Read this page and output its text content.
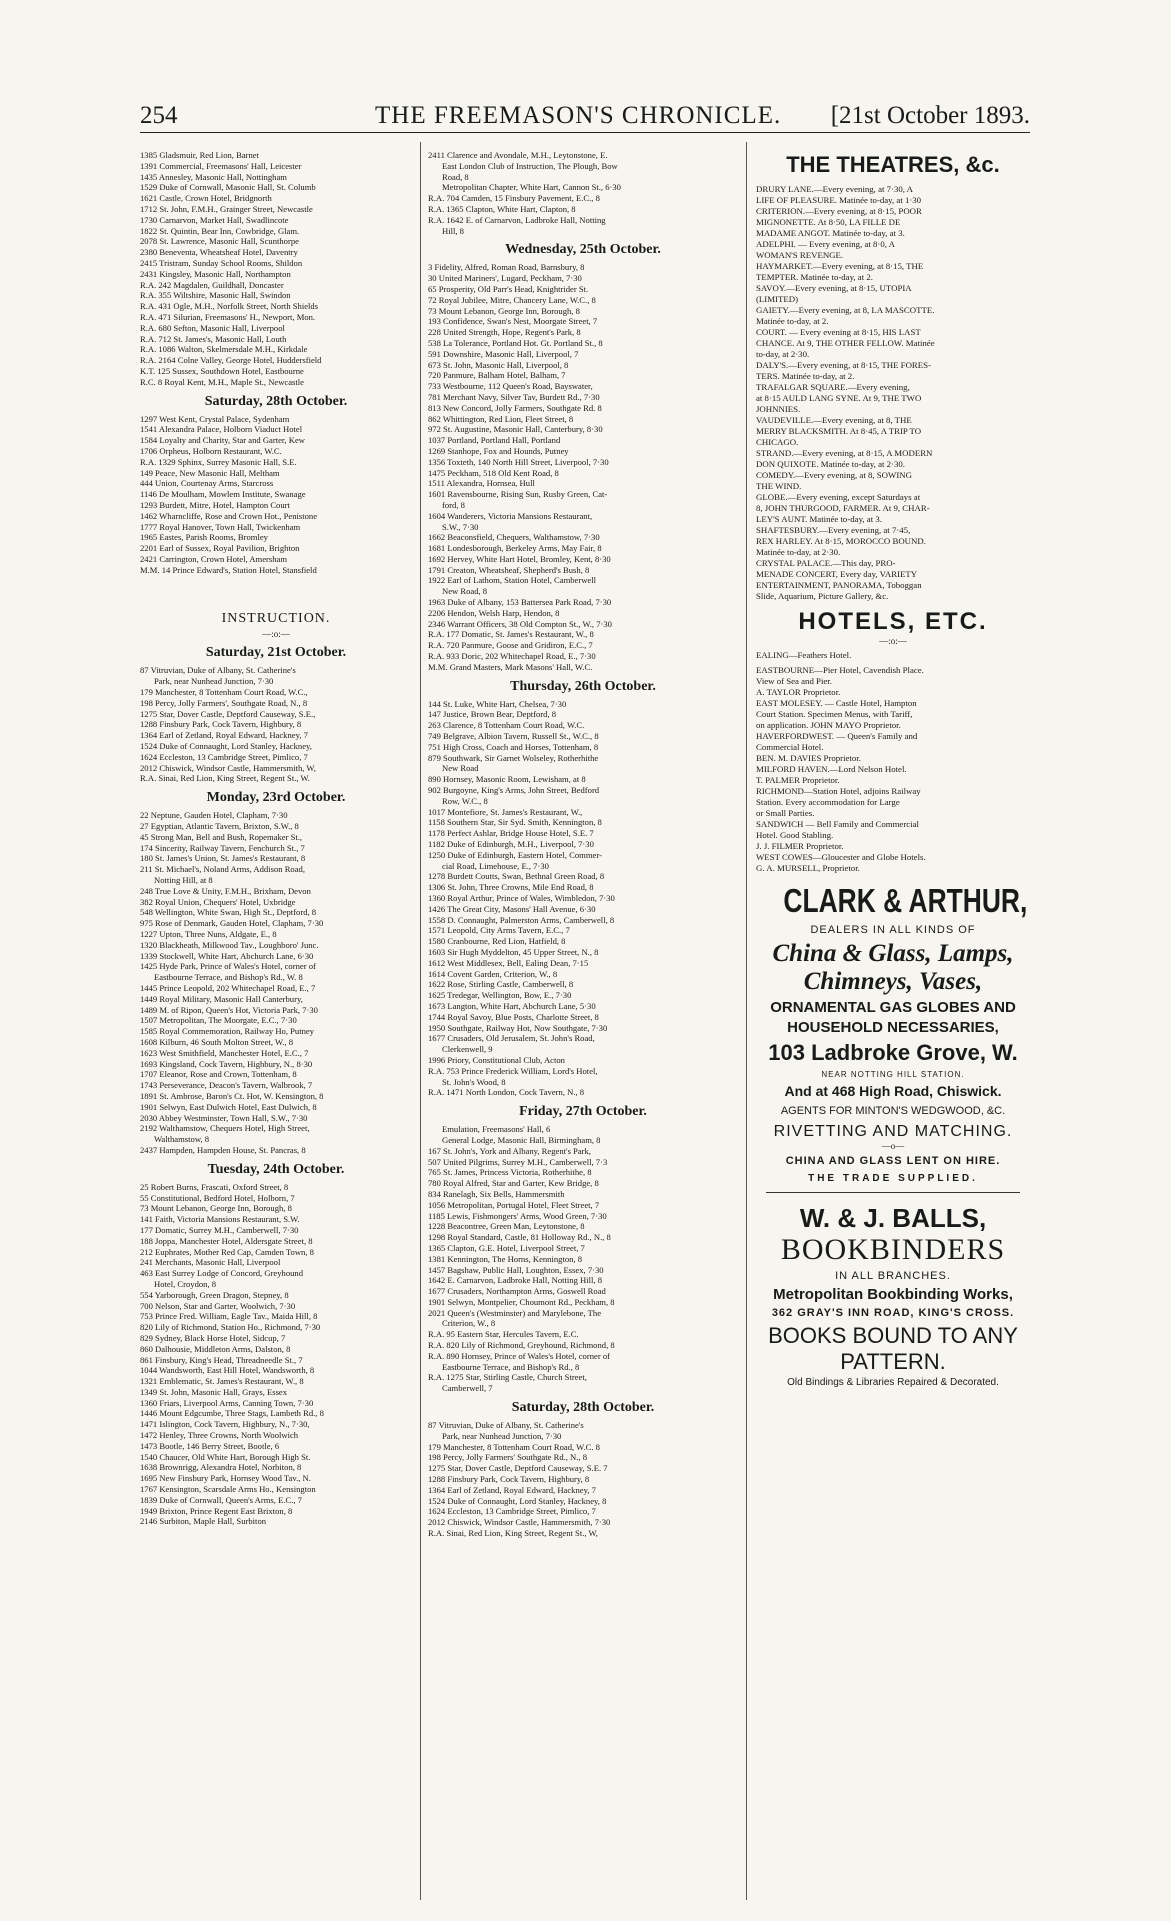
254	THE FREEMASON'S CHRONICLE. [21st October 1893.
1385 Gladsmuir, Red Lion, Barnet
1391 Commercial, Freemasons' Hall, Leicester
1435 Annesley, Masonic Hall, Nottingham
1529 Duke of Cornwall, Masonic Hall, St. Columb
1621 Castle, Crown Hotel, Bridgnorth
1712 St. John, F.M.H., Grainger Street, Newcastle
1730 Carnarvon, Market Hall, Swadlincote
1822 St. Quintin, Bear Inn, Cowbridge, Glam.
2078 St. Lawrence, Masonic Hall, Scunthorpe
2380 Beneventa, Wheatsheaf Hotel, Daventry
2415 Tristram, Sunday School Rooms, Shildon
2431 Kingsley, Masonic Hall, Northampton
R.A. 242 Magdalen, Guildhall, Doncaster
R.A. 355 Wiltshire, Masonic Hall, Swindon
R.A. 431 Ogle, M.H., Norfolk Street, North Shields
R.A. 471 Silurian, Freemasons' H., Newport, Mon.
R.A. 680 Sefton, Masonic Hall, Liverpool
R.A. 712 St. James's, Masonic Hall, Louth
R.A. 1086 Walton, Skelmersdale M.H., Kirkdale
R.A. 2164 Colne Valley, George Hotel, Huddersfield
K.T. 125 Sussex, Southdown Hotel, Eastbourne
R.C. 8 Royal Kent, M.H., Maple St., Newcastle
Saturday, 28th October.
1297 West Kent, Crystal Palace, Sydenham
1541 Alexandra Palace, Holborn Viaduct Hotel
1584 Loyalty and Charity, Star and Garter, Kew
1706 Orpheus, Holborn Restaurant, W.C.
R.A. 1329 Sphinx, Surrey Masonic Hall, S.E.
149 Peace, New Masonic Hall, Meltham
444 Union, Courtenay Arms, Starcross
1146 De Moulham, Mowlem Institute, Swanage
1293 Burdett, Mitre, Hotel, Hampton Court
1462 Wharncliffe, Rose and Crown Hot., Penistone
1777 Royal Hanover, Town Hall, Twickenham
1965 Eastes, Parish Rooms, Bromley
2201 Earl of Sussex, Royal Pavilion, Brighton
2421 Carrington, Crown Hotel, Amersham
M.M. 14 Prince Edward's, Station Hotel, Stansfield
INSTRUCTION.
—:o:—
Saturday, 21st October.
87 Vitruvian, Duke of Albany, St. Catherine's
Park, near Nunhead Junction, 7·30
179 Manchester, 8 Tottenham Court Road, W.C.,
198 Percy, Jolly Farmers', Southgate Road, N., 8
1275 Star, Dover Castle, Deptford Causeway, S.E.,
1288 Finsbury Park, Cock Tavern, Highbury, 8
1364 Earl of Zetland, Royal Edward, Hackney, 7
1524 Duke of Connaught, Lord Stanley, Hackney,
1624 Eccleston, 13 Cambridge Street, Pimlico, 7
2012 Chiswick, Windsor Castle, Hammersmith, W,
R.A. Sinai, Red Lion, King Street, Regent St., W.
Monday, 23rd October.
22 Neptune, Gauden Hotel, Clapham, 7·30
27 Egyptian, Atlantic Tavern, Brixton, S.W., 8
45 Strong Man, Bell and Bush, Ropemaker St.,
174 Sincerity, Railway Tavern, Fenchurch St., 7
180 St. James's Union, St. James's Restaurant, 8
211 St. Michael's, Noland Arms, Addison Road,
Notting Hill, at 8
248 True Love & Unity, F.M.H., Brixham, Devon
382 Royal Union, Chequers' Hotel, Uxbridge
548 Wellington, White Swan, High St., Deptford, 8
975 Rose of Denmark, Gauden Hotel, Clapham, 7·30
1227 Upton, Three Nuns, Aldgate, E., 8
1320 Blackheath, Milkwood Tav., Loughboro' Junc.
1339 Stockwell, White Hart, Abchurch Lane, 6·30
1425 Hyde Park, Prince of Wales's Hotel, corner of
Eastbourne Terrace, and Bishop's Rd., W. 8
1445 Prince Leopold, 202 Whitechapel Road, E., 7
1449 Royal Military, Masonic Hall Canterbury,
1489 M. of Ripon, Queen's Hot, Victoria Park, 7·30
1507 Metropolitan, The Moorgate, E.C., 7·30
1585 Royal Commemoration, Railway Ho, Putney
1608 Kilburn, 46 South Molton Street, W., 8
1623 West Smithfield, Manchester Hotel, E.C., 7
1693 Kingsland, Cock Tavern, Highbury, N., 8·30
1707 Eleanor, Rose and Crown, Tottenham, 8
1743 Perseverance, Deacon's Tavern, Walbrook, 7
1891 St. Ambrose, Baron's Ct. Hot, W. Kensington, 8
1901 Selwyn, East Dulwich Hotel, East Dulwich, 8
2030 Abbey Westminster, Town Hall, S.W., 7·30
2192 Walthamstow, Chequers Hotel, High Street,
Walthamstow, 8
2437 Hampden, Hampden House, St. Pancras, 8
Tuesday, 24th October.
25 Robert Burns, Frascati, Oxford Street, 8
55 Constitutional, Bedford Hotel, Holborn, 7
73 Mount Lebanon, George Inn, Borough, 8
141 Faith, Victoria Mansions Restaurant, S.W.
177 Domatic, Surrey M.H., Camberwell, 7·30
188 Joppa, Manchester Hotel, Aldersgate Street, 8
212 Euphrates, Mother Red Cap, Camden Town, 8
241 Merchants, Masonic Hall, Liverpool
463 East Surrey Lodge of Concord, Greyhound
Hotel, Croydon, 8
554 Yarborough, Green Dragon, Stepney, 8
700 Nelson, Star and Garter, Woolwich, 7·30
753 Prince Fred. William, Eagle Tav., Maida Hill, 8
820 Lily of Richmond, Station Ho., Richmond, 7·30
829 Sydney, Black Horse Hotel, Sidcup, 7
860 Dalhousie, Middleton Arms, Dalston, 8
861 Finsbury, King's Head, Threadneedle St., 7
1044 Wandsworth, East Hill Hotel, Wandsworth, 8
1321 Emblematic, St. James's Restaurant, W., 8
1349 St. John, Masonic Hall, Grays, Essex
1360 Friars, Liverpool Arms, Canning Town, 7·30
1446 Mount Edgcumbe, Three Stags, Lambeth Rd., 8
1471 Islington, Cock Tavern, Highbury, N., 7·30,
1472 Henley, Three Crowns, North Woolwich
1473 Bootle, 146 Berry Street, Bootle, 6
1540 Chaucer, Old White Hart, Borough High St.
1638 Brownrigg, Alexandra Hotel, Norbiton, 8
1695 New Finsbury Park, Hornsey Wood Tav., N.
1767 Kensington, Scarsdale Arms Ho., Kensington
1839 Duke of Cornwall, Queen's Arms, E.C., 7
1949 Brixton, Prince Regent East Brixton, 8
2146 Surbiton, Maple Hall, Surbiton
2411 Clarence and Avondale, M.H., Leytonstone, E.
East London Club of Instruction, The Plough, Bow
Road, 8
Metropolitan Chapter, White Hart, Cannon St., 6·30
R.A. 704 Camden, 15 Finsbury Pavement, E.C., 8
R.A. 1365 Clapton, White Hart, Clapton, 8
R.A. 1642 E. of Carnarvon, Ladbroke Hall, Notting
Hill, 8
Wednesday, 25th October.
3 Fidelity, Alfred, Roman Road, Barnsbury, 8
30 United Mariners', Lugard, Peckham, 7·30
65 Prosperity, Old Parr's Head, Knightrider St.
72 Royal Jubilee, Mitre, Chancery Lane, W.C., 8
73 Mount Lebanon, George Inn, Borough, 8
193 Confidence, Swan's Nest, Moorgate Street, 7
228 United Strength, Hope, Regent's Park, 8
538 La Tolerance, Portland Hot. Gt. Portland St., 8
591 Downshire, Masonic Hall, Liverpool, 7
673 St. John, Masonic Hall, Liverpool, 8
720 Panmure, Balham Hotel, Balham, 7
733 Westbourne, 112 Queen's Road, Bayswater,
781 Merchant Navy, Silver Tav, Burdett Rd., 7·30
813 New Concord, Jolly Farmers, Southgate Rd. 8
862 Whittington, Red Lion, Fleet Street, 8
972 St. Augustine, Masonic Hall, Canterbury, 8·30
1037 Portland, Portland Hall, Portland
1269 Stanhope, Fox and Hounds, Putney
1356 Toxteth, 140 North Hill Street, Liverpool, 7·30
1475 Peckham, 518 Old Kent Road, 8
1511 Alexandra, Hornsea, Hull
1601 Ravensbourne, Rising Sun, Rusby Green, Cat-
ford, 8
1604 Wanderers, Victoria Mansions Restaurant,
S.W., 7·30
1662 Beaconsfield, Chequers, Walthamstow, 7·30
1681 Londesborough, Berkeley Arms, May Fair, 8
1692 Hervey, White Hart Hotel, Bromley, Kent, 8·30
1791 Creaton, Wheatsheaf, Shepherd's Bush, 8
1922 Earl of Lathom, Station Hotel, Camberwell
New Road, 8
1963 Duke of Albany, 153 Battersea Park Road, 7·30
2206 Hendon, Welsh Harp, Hendon, 8
2346 Warrant Officers, 38 Old Compton St., W., 7·30
R.A. 177 Domatic, St. James's Restaurant, W., 8
R.A. 720 Panmure, Goose and Gridiron, E.C., 7
R.A. 933 Doric, 202 Whitechapel Road, E., 7·30
M.M. Grand Masters, Mark Masons' Hall, W.C.
Thursday, 26th October.
144 St. Luke, White Hart, Chelsea, 7·30
147 Justice, Brown Bear, Deptford, 8
263 Clarence, 8 Tottenham Court Road, W.C.
749 Belgrave, Albion Tavern, Russell St., W.C., 8
751 High Cross, Coach and Horses, Tottenham, 8
879 Southwark, Sir Garnet Wolseley, Rotherhithe
New Road
890 Hornsey, Masonic Room, Lewisham, at 8
902 Burgoyne, King's Arms, John Street, Bedford
Row, W.C., 8
1017 Montefiore, St. James's Restaurant, W.,
1158 Southern Star, Sir Syd. Smith, Kennington, 8
1178 Perfect Ashlar, Bridge House Hotel, S.E. 7
1182 Duke of Edinburgh, M.H., Liverpool, 7·30
1250 Duke of Edinburgh, Eastern Hotel, Commer-
cial Road, Limehouse, E., 7·30
1278 Burdett Coutts, Swan, Bethnal Green Road, 8
1306 St. John, Three Crowns, Mile End Road, 8
1360 Royal Arthur, Prince of Wales, Wimbledon, 7·30
1426 The Great City, Masons' Hall Avenue, 6·30
1558 D. Connaught, Palmerston Arms, Camberwell, 8
1571 Leopold, City Arms Tavern, E.C., 7
1580 Cranbourne, Red Lion, Hatfield, 8
1603 Sir Hugh Myddelton, 45 Upper Street, N., 8
1612 West Middlesex, Bell, Ealing Dean, 7·15
1614 Covent Garden, Criterion, W., 8
1622 Rose, Stirling Castle, Camberwell, 8
1625 Tredegar, Wellington, Bow, E., 7·30
1673 Langton, White Hart, Abchurch Lane, 5·30
1744 Royal Savoy, Blue Posts, Charlotte Street, 8
1950 Southgate, Railway Hot, Now Southgate, 7·30
1677 Crusaders, Old Jerusalem, St. John's Road,
Clerkenwell, 9
1996 Priory, Constitutional Club, Acton
R.A. 753 Prince Frederick William, Lord's Hotel,
St. John's Wood, 8
R.A. 1471 North London, Cock Tavern, N., 8
Friday, 27th October.
Emulation, Freemasons' Hall, 6
General Lodge, Masonic Hall, Birmingham, 8
167 St. John's, York and Albany, Regent's Park,
507 United Pilgrims, Surrey M.H., Camberwell, 7·3
765 St. James, Princess Victoria, Rotherhithe, 8
780 Royal Alfred, Star and Garter, Kew Bridge, 8
834 Ranelagh, Six Bells, Hammersmith
1056 Metropolitan, Portugal Hotel, Fleet Street, 7
1185 Lewis, Fishmongers' Arms, Wood Green, 7·30
1228 Beacontree, Green Man, Leytonstone, 8
1298 Royal Standard, Castle, 81 Holloway Rd., N., 8
1365 Clapton, G.E. Hotel, Liverpool Street, 7
1381 Kennington, The Horns, Kennington, 8
1457 Bagshaw, Public Hall, Loughton, Essex, 7·30
1642 E. Carnarvon, Ladbroke Hall, Notting Hill, 8
1677 Crusaders, Northampton Arms, Goswell Road
1901 Selwyn, Montpelier, Choumont Rd., Peckham, 8
2021 Queen's (Westminster) and Marylebone, The
Criterion, W., 8
R.A. 95 Eastern Star, Hercules Tavern, E.C.
R.A. 820 Lily of Richmond, Greyhound, Richmond, 8
R.A. 890 Hornsey, Prince of Wales's Hotel, corner of
Eastbourne Terrace, and Bishop's Rd., 8
R.A. 1275 Star, Stirling Castle, Church Street,
Camberwell, 7
Saturday, 28th October.
87 Vitruvian, Duke of Albany, St. Catherine's
Park, near Nunhead Junction, 7·30
179 Manchester, 8 Tottenham Court Road, W.C. 8
198 Percy, Jolly Farmers' Southgate Rd., N., 8
1275 Star, Dover Castle, Deptford Causeway, S.E. 7
1288 Finsbury Park, Cock Tavern, Highbury, 8
1364 Earl of Zetland, Royal Edward, Hackney, 7
1524 Duke of Connaught, Lord Stanley, Hackney, 8
1624 Eccleston, 13 Cambridge Street, Pimlico, 7
2012 Chiswick, Windsor Castle, Hammersmith, 7·30
R.A. Sinai, Red Lion, King Street, Regent St., W,
THE THEATRES, &c.
DRURY LANE.—Every evening, at 7·30, A
LIFE OF PLEASURE. Matinée to-day, at 1·30
CRITERION.—Every evening, at 8·15, POOR
MIGNONETTE. At 8·50, LA FILLE DE
MADAME ANGOT. Matinée to-day, at 3.
ADELPHI. — Every evening, at 8·0, A
WOMAN'S REVENGE.
HAYMARKET.—Every evening, at 8·15, THE
TEMPTER. Matinée to-day, at 2.
SAVOY.—Every evening, at 8·15, UTOPIA
(LIMITED)
GAIETY.—Every evening, at 8, LA MASCOTTE.
Matinée to-day, at 2.
COURT. — Every evening at 8·15, HIS LAST
CHANCE. At 9, THE OTHER FELLOW. Matinée
to-day, at 2·30.
DALY'S.—Every evening, at 8·15, THE FORES-
TERS. Matinée to-day, at 2.
TRAFALGAR SQUARE.—Every evening,
at 8·15 AULD LANG SYNE. At 9, THE TWO
JOHNNIES.
VAUDEVILLE.—Every evening, at 8, THE
MERRY BLACKSMITH. At 8·45, A TRIP TO
CHICAGO.
STRAND.—Every evening, at 8·15, A MODERN
DON QUIXOTE. Matinée to-day, at 2·30.
COMEDY.—Every evening, at 8, SOWING
THE WIND.
GLOBE.—Every evening, except Saturdays at
8, JOHN THURGOOD, FARMER. At 9, CHAR-
LEY'S AUNT. Matinée to-day, at 3.
SHAFTESBURY.—Every evening, at 7·45,
REX HARLEY. At 8·15, MOROCCO BOUND.
Matinée to-day, at 2·30.
CRYSTAL PALACE.—This day, PRO-
MENADE CONCERT, Every day, VARIETY
ENTERTAINMENT, PANORAMA, Toboggan
Slide, Aquarium, Picture Gallery, &c.
HOTELS, ETC.
—:o:—
EALING—Feathers Hotel.
EASTBOURNE—Pier Hotel, Cavendish Place.
View of Sea and Pier.
A. TAYLOR Proprietor.
EAST MOLESEY. — Castle Hotel, Hampton
Court Station. Specimen Menus, with Tariff,
on application. JOHN MAYO Proprietor.
HAVERFORDWEST. — Queen's Family and
Commercial Hotel.
BEN. M. DAVIES Proprietor.
MILFORD HAVEN.—Lord Nelson Hotel.
T. PALMER Proprietor.
RICHMOND—Station Hotel, adjoins Railway
Station. Every accommodation for Large
or Small Parties.
SANDWICH — Bell Family and Commercial
Hotel. Good Stabling.
J. J. FILMER Proprietor.
WEST COWES—Gloucester and Globe Hotels.
G. A. MURSELL, Proprietor.
CLARK & ARTHUR,
DEALERS IN ALL KINDS OF
China & Glass, Lamps,
Chimneys, Vases,
ORNAMENTAL GAS GLOBES AND
HOUSEHOLD NECESSARIES,
103 Ladbroke Grove, W.
NEAR NOTTING HILL STATION.
And at 468 High Road, Chiswick.
AGENTS FOR MINTON'S WEDGWOOD, &C.
RIVETTING AND MATCHING.
—o—
CHINA AND GLASS LENT ON HIRE.
THE TRADE SUPPLIED.
W. & J. BALLS,
BOOKBINDERS
IN ALL BRANCHES.
Metropolitan Bookbinding Works,
362 GRAY'S INN ROAD, KING'S CROSS.
BOOKS BOUND TO ANY PATTERN.
Old Bindings & Libraries Repaired & Decorated.
